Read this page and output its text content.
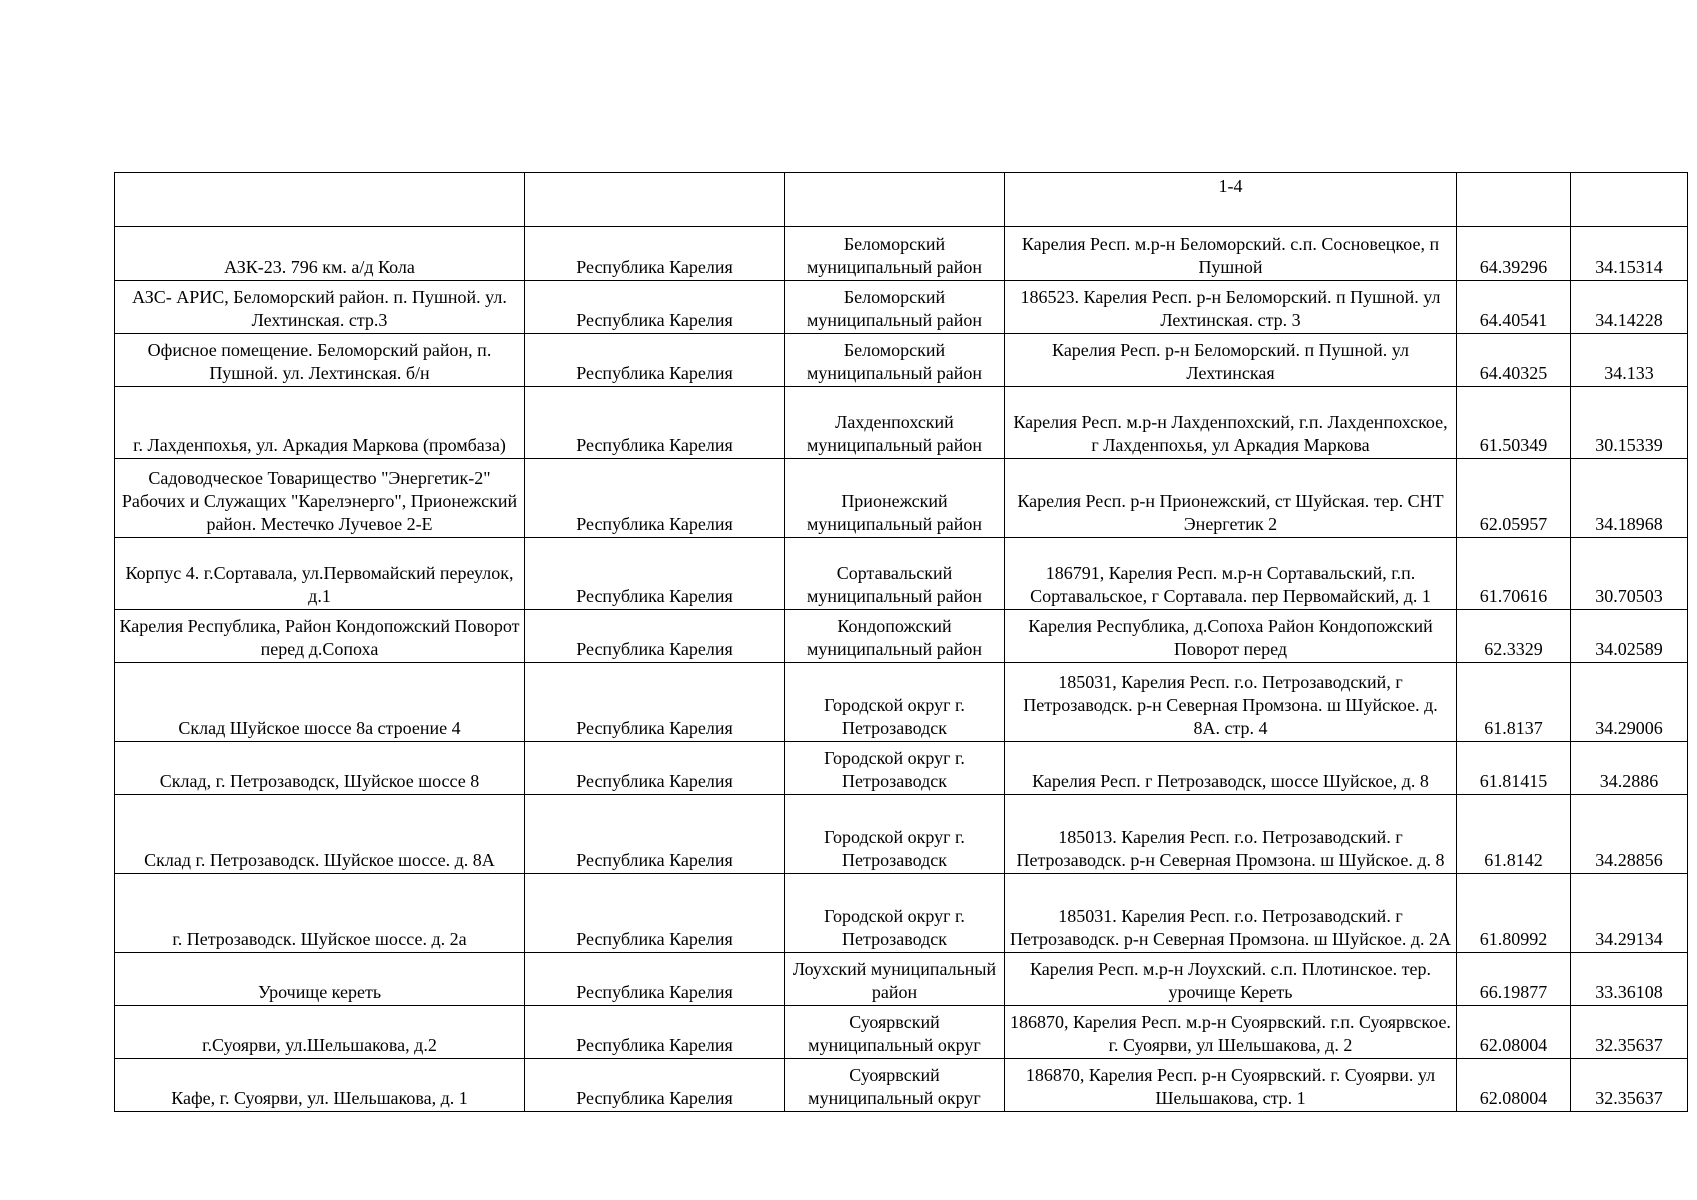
			1-4		
АЗК-23. 796 км. а/д Кола	Республика Карелия	Беломорский муниципальный район	Карелия Респ. м.р-н Беломорский. с.п. Сосновецкое, п Пушной	64.39296	34.15314
АЗС- АРИС, Беломорский район. п. Пушной. ул. Лехтинская. стр.3	Республика Карелия	Беломорский муниципальный район	186523. Карелия Респ. р-н Беломорский. п Пушной. ул Лехтинская. стр. 3	64.40541	34.14228
Офисное помещение. Беломорский район, п. Пушной. ул. Лехтинская. б/н	Республика Карелия	Беломорский муниципальный район	Карелия Респ. р-н Беломорский. п Пушной. ул Лехтинская	64.40325	34.133
г. Лахденпохья, ул. Аркадия Маркова (промбаза)	Республика Карелия	Лахденпохский муниципальный район	Карелия Респ. м.р-н Лахденпохский, г.п. Лахденпохское, г Лахденпохья, ул Аркадия Маркова	61.50349	30.15339
Садоводческое Товарищество "Энергетик-2" Рабочих и Служащих "Карелэнерго", Прионежский район. Местечко Лучевое 2-Е	Республика Карелия	Прионежский муниципальный район	Карелия Респ. р-н Прионежский, ст Шуйская. тер. СНТ Энергетик 2	62.05957	34.18968
Корпус 4. г.Сортавала, ул.Первомайский переулок, д.1	Республика Карелия	Сортавальский муниципальный район	186791, Карелия Респ. м.р-н Сортавальский, г.п. Сортавальское, г Сортавала. пер Первомайский, д. 1	61.70616	30.70503
Карелия Республика, Район Кондопожский Поворот перед д.Сопоха	Республика Карелия	Кондопожский муниципальный район	Карелия Республика, д.Сопоха Район Кондопожский Поворот перед	62.3329	34.02589
Склад Шуйское шоссе 8а строение 4	Республика Карелия	Городской округ г. Петрозаводск	185031, Карелия Респ. г.о. Петрозаводский, г Петрозаводск. р-н Северная Промзона. ш Шуйское. д. 8А. стр. 4	61.8137	34.29006
Склад, г. Петрозаводск, Шуйское шоссе 8	Республика Карелия	Городской округ г. Петрозаводск	Карелия Респ. г Петрозаводск, шоссе Шуйское, д. 8	61.81415	34.2886
Склад г. Петрозаводск. Шуйское шоссе. д. 8А	Республика Карелия	Городской округ г. Петрозаводск	185013. Карелия Респ. г.о. Петрозаводский. г Петрозаводск. р-н Северная Промзона. ш Шуйское. д. 8	61.8142	34.28856
г. Петрозаводск. Шуйское шоссе. д. 2а	Республика Карелия	Городской округ г. Петрозаводск	185031. Карелия Респ. г.о. Петрозаводский. г Петрозаводск. р-н Северная Промзона. ш Шуйское. д. 2А	61.80992	34.29134
Урочище кереть	Республика Карелия	Лоухский муниципальный район	Карелия Респ. м.р-н Лоухский. с.п. Плотинское. тер. урочище Кереть	66.19877	33.36108
г.Суоярви, ул.Шельшакова, д.2	Республика Карелия	Суоярвский муниципальный округ	186870, Карелия Респ. м.р-н Суоярвский. г.п. Суоярвское. г. Суоярви, ул Шельшакова, д. 2	62.08004	32.35637
Кафе, г. Суоярви, ул. Шельшакова, д. 1	Республика Карелия	Суоярвский муниципальный округ	186870, Карелия Респ. р-н Суоярвский. г. Суоярви. ул Шельшакова, стр. 1	62.08004	32.35637
